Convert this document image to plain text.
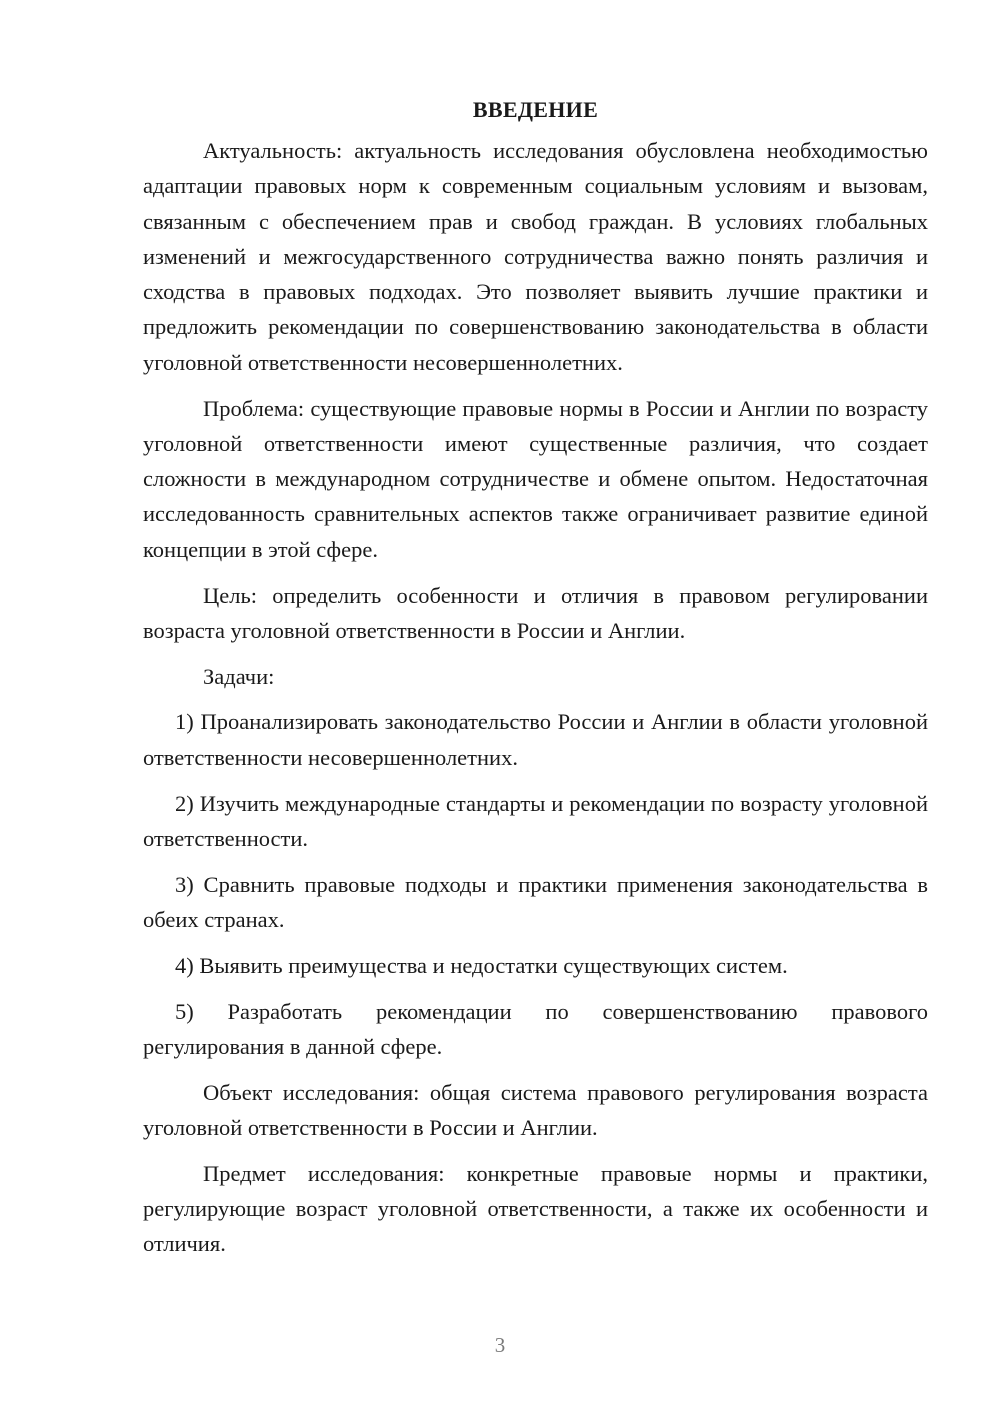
ВВЕДЕНИЕ

Актуальность: актуальность исследования обусловлена необходимостью адаптации правовых норм к современным социальным условиям и вызовам, связанным с обеспечением прав и свобод граждан. В условиях глобальных изменений и межгосударственного сотрудничества важно понять различия и сходства в правовых подходах. Это позволяет выявить лучшие практики и предложить рекомендации по совершенствованию законодательства в области уголовной ответственности несовершеннолетних.

Проблема: существующие правовые нормы в России и Англии по возрасту уголовной ответственности имеют существенные различия, что создает сложности в международном сотрудничестве и обмене опытом. Недостаточная исследованность сравнительных аспектов также ограничивает развитие единой концепции в этой сфере.

Цель: определить особенности и отличия в правовом регулировании возраста уголовной ответственности в России и Англии.

Задачи:

1) Проанализировать законодательство России и Англии в области уголовной ответственности несовершеннолетних.

2) Изучить международные стандарты и рекомендации по возрасту уголовной ответственности.

3) Сравнить правовые подходы и практики применения законодательства в обеих странах.

4) Выявить преимущества и недостатки существующих систем.

5) Разработать рекомендации по совершенствованию правового регулирования в данной сфере.

Объект исследования: общая система правового регулирования возраста уголовной ответственности в России и Англии.

Предмет исследования: конкретные правовые нормы и практики, регулирующие возраст уголовной ответственности, а также их особенности и отличия.

3
